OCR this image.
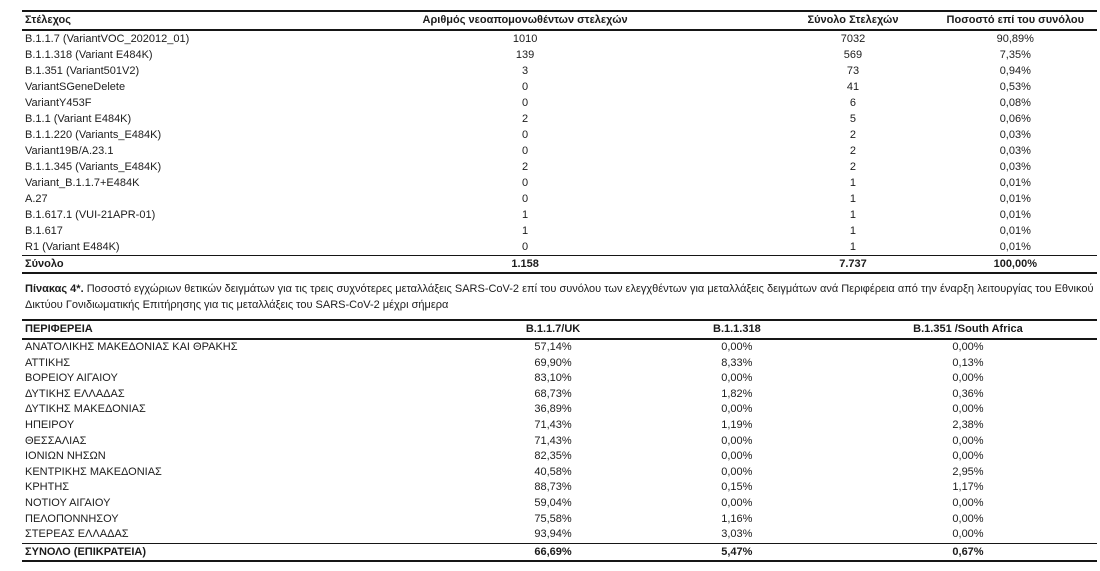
Στέλεχος	Αριθμός νεοαπομονωθέντων στελεχών	Σύνολο Στελεχών	Ποσοστό επί του συνόλου
B.1.1.7 (VariantVOC_202012_01)	1010	7032	90,89%
B.1.1.318 (Variant E484K)	139	569	7,35%
B.1.351 (Variant501V2)	3	73	0,94%
VariantSGeneDelete	0	41	0,53%
VariantY453F	0	6	0,08%
B.1.1 (Variant E484K)	2	5	0,06%
B.1.1.220 (Variants_E484K)	0	2	0,03%
Variant19B/A.23.1	0	2	0,03%
B.1.1.345 (Variants_E484K)	2	2	0,03%
Variant_B.1.1.7+E484K	0	1	0,01%
A.27	0	1	0,01%
B.1.617.1 (VUI-21APR-01)	1	1	0,01%
B.1.617	1	1	0,01%
R1 (Variant E484K)	0	1	0,01%
Σύνολο	1.158	7.737	100,00%

Πίνακας 4*. Ποσοστό εγχώριων θετικών δειγμάτων για τις τρεις συχνότερες μεταλλάξεις SARS-CoV-2 επί του συνόλου των ελεγχθέντων για μεταλλάξεις δειγμάτων ανά Περιφέρεια από την έναρξη λειτουργίας του Εθνικού Δικτύου Γονιδιωματικής Επιτήρησης για τις μεταλλάξεις του SARS-CoV-2 μέχρι σήμερα

ΠΕΡΙΦΕΡΕΙΑ	B.1.1.7/UK	B.1.1.318	B.1.351 /South Africa
ΑΝΑΤΟΛΙΚΗΣ ΜΑΚΕΔΟΝΙΑΣ ΚΑΙ ΘΡΑΚΗΣ	57,14%	0,00%	0,00%
ΑΤΤΙΚΗΣ	69,90%	8,33%	0,13%
ΒΟΡΕΙΟΥ ΑΙΓΑΙΟΥ	83,10%	0,00%	0,00%
ΔΥΤΙΚΗΣ ΕΛΛΑΔΑΣ	68,73%	1,82%	0,36%
ΔΥΤΙΚΗΣ ΜΑΚΕΔΟΝΙΑΣ	36,89%	0,00%	0,00%
ΗΠΕΙΡΟΥ	71,43%	1,19%	2,38%
ΘΕΣΣΑΛΙΑΣ	71,43%	0,00%	0,00%
ΙΟΝΙΩΝ ΝΗΣΩΝ	82,35%	0,00%	0,00%
ΚΕΝΤΡΙΚΗΣ ΜΑΚΕΔΟΝΙΑΣ	40,58%	0,00%	2,95%
ΚΡΗΤΗΣ	88,73%	0,15%	1,17%
ΝΟΤΙΟΥ ΑΙΓΑΙΟΥ	59,04%	0,00%	0,00%
ΠΕΛΟΠΟΝΝΗΣΟΥ	75,58%	1,16%	0,00%
ΣΤΕΡΕΑΣ ΕΛΛΑΔΑΣ	93,94%	3,03%	0,00%
ΣΥΝΟΛΟ (ΕΠΙΚΡΑΤΕΙΑ)	66,69%	5,47%	0,67%
